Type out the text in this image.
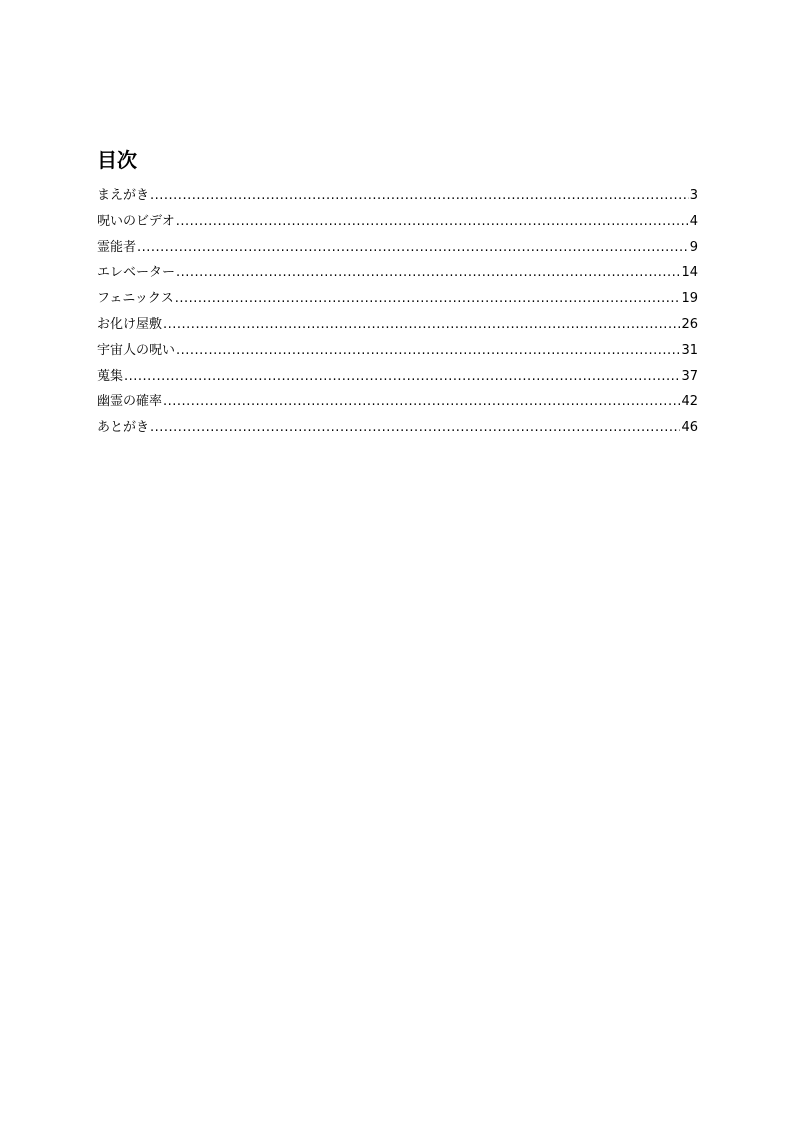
目次
まえがき .....	3
呪いのビデオ .....	4
霊能者 .....	9
エレベーター .....	14
フェニックス .....	19
お化け屋敷 .....	26
宇宙人の呪い .....	31
蒐集 .....	37
幽霊の確率 .....	42
あとがき .....	46
